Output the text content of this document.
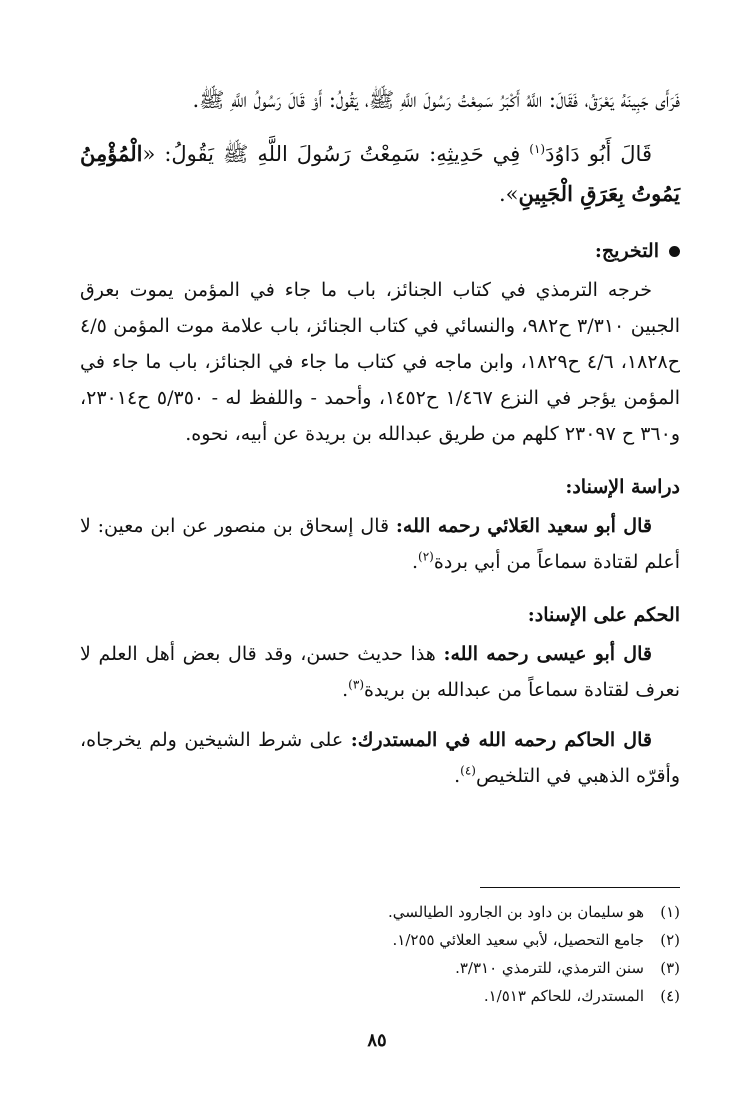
فَرَأَى جَبِينَهُ يَعْرَقُ، فَقَالَ: اللَّهُ أَكْبَرُ سَمِعْتُ رَسُولَ اللَّهِ ﷺ، يَقُولُ: أَوْ قَالَ رَسُولُ اللَّهِ ﷺ.

قَالَ أَبُو دَاوُدَ$^{(١)}$ فِي حَدِيثِهِ: سَمِعْتُ رَسُولَ اللَّهِ ﷺ يَقُولُ: «الْمُؤْمِنُ يَمُوتُ بِعَرَقِ الْجَبِينِ».

التخريج:

خرجه الترمذي في كتاب الجنائز، باب ما جاء في المؤمن يموت بعرق الجبين ٣/٣١٠ ح٩٨٢، والنسائي في كتاب الجنائز، باب علامة موت المؤمن ٤/٥ ح١٨٢٨، ٤/٦ ح١٨٢٩، وابن ماجه في كتاب ما جاء في الجنائز، باب ما جاء في المؤمن يؤجر في النزع ١/٤٦٧ ح١٤٥٢، وأحمد - واللفظ له - ٥/٣٥٠ ح٢٣٠١٤، و٣٦٠ ح ٢٣٠٩٧ كلهم من طريق عبدالله بن بريدة عن أبيه، نحوه.

دراسة الإسناد:

قال أبو سعيد العَلائي رحمه الله: قال إسحاق بن منصور عن ابن معين: لا أعلم لقتادة سماعاً من أبي بردة$^{(٢)}$.

الحكم على الإسناد:

قال أبو عيسى رحمه الله: هذا حديث حسن، وقد قال بعض أهل العلم لا نعرف لقتادة سماعاً من عبدالله بن بريدة$^{(٣)}$.

قال الحاكم رحمه الله في المستدرك: على شرط الشيخين ولم يخرجاه، وأقرّه الذهبي في التلخيص$^{(٤)}$.

(١)
هو سليمان بن داود بن الجارود الطيالسي.
(٢)
جامع التحصيل، لأبي سعيد العلائي ١/٢٥٥.
(٣)
سنن الترمذي، للترمذي ٣/٣١٠.
(٤)
المستدرك، للحاكم ١/٥١٣.
٨٥
